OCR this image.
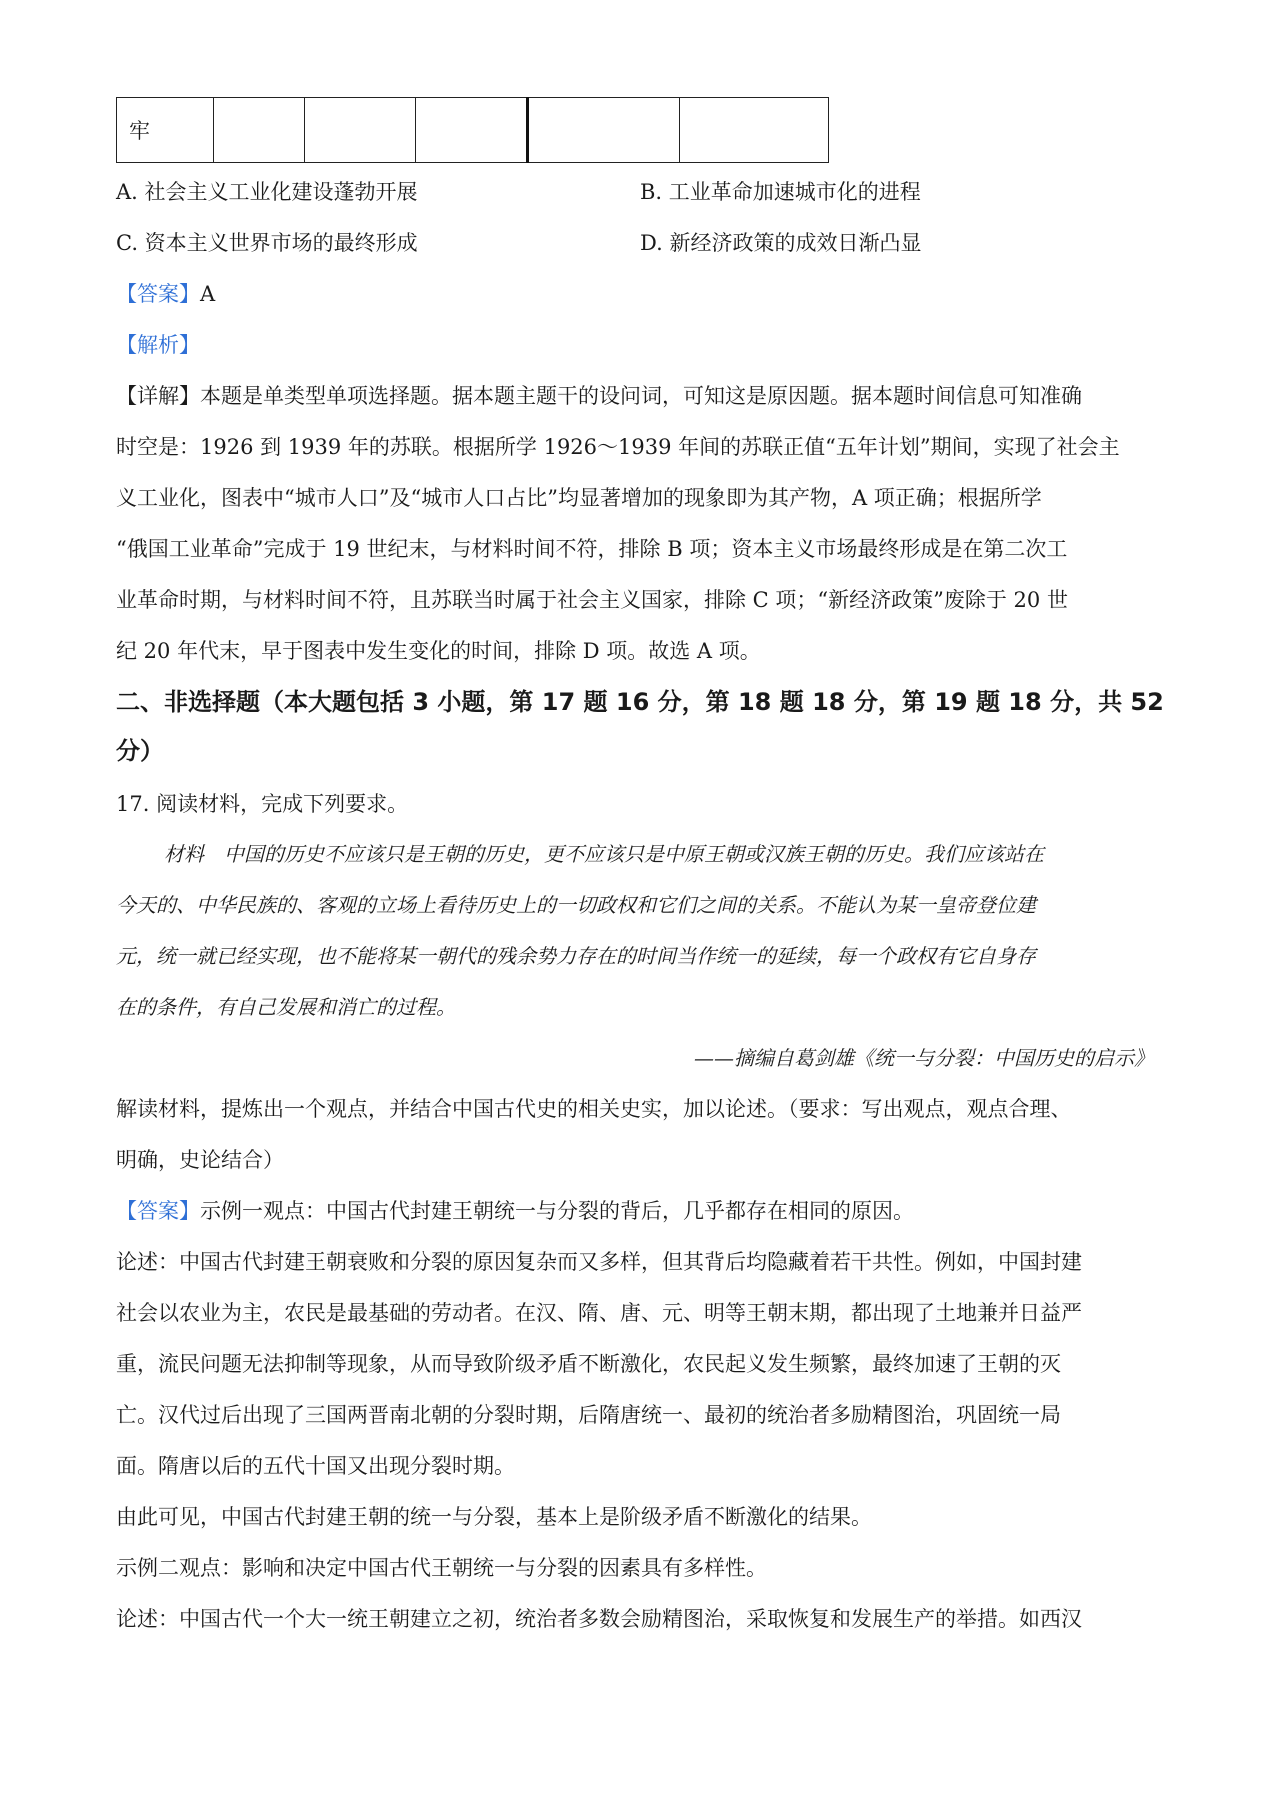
牢					
A. 社会主义工业化建设蓬勃开展	B. 工业革命加速城市化的进程
C. 资本主义世界市场的最终形成	D. 新经济政策的成效日渐凸显
【答案】A
【解析】
【详解】本题是单类型单项选择题。据本题主题干的设问词，可知这是原因题。据本题时间信息可知准确
时空是：1926 到 1939 年的苏联。根据所学 1926～1939 年间的苏联正值“五年计划”期间，实现了社会主
义工业化，图表中“城市人口”及“城市人口占比”均显著增加的现象即为其产物，A 项正确；根据所学
“俄国工业革命”完成于 19 世纪末，与材料时间不符，排除 B 项；资本主义市场最终形成是在第二次工
业革命时期，与材料时间不符，且苏联当时属于社会主义国家，排除 C 项；“新经济政策”废除于 20 世
纪 20 年代末，早于图表中发生变化的时间，排除 D 项。故选 A 项。
二、非选择题（本大题包括 3 小题，第 17 题 16 分，第 18 题 18 分，第 19 题 18 分，共 52
分）
17. 阅读材料，完成下列要求。
材料　中国的历史不应该只是王朝的历史，更不应该只是中原王朝或汉族王朝的历史。我们应该站在
今天的、中华民族的、客观的立场上看待历史上的一切政权和它们之间的关系。不能认为某一皇帝登位建
元，统一就已经实现，也不能将某一朝代的残余势力存在的时间当作统一的延续，每一个政权有它自身存
在的条件，有自己发展和消亡的过程。
——摘编自葛剑雄《统一与分裂：中国历史的启示》
解读材料，提炼出一个观点，并结合中国古代史的相关史实，加以论述。（要求：写出观点，观点合理、
明确，史论结合）
【答案】示例一观点：中国古代封建王朝统一与分裂的背后，几乎都存在相同的原因。
论述：中国古代封建王朝衰败和分裂的原因复杂而又多样，但其背后均隐藏着若干共性。例如，中国封建
社会以农业为主，农民是最基础的劳动者。在汉、隋、唐、元、明等王朝末期，都出现了土地兼并日益严
重，流民问题无法抑制等现象，从而导致阶级矛盾不断激化，农民起义发生频繁，最终加速了王朝的灭
亡。汉代过后出现了三国两晋南北朝的分裂时期，后隋唐统一、最初的统治者多励精图治，巩固统一局
面。隋唐以后的五代十国又出现分裂时期。
由此可见，中国古代封建王朝的统一与分裂，基本上是阶级矛盾不断激化的结果。
示例二观点：影响和决定中国古代王朝统一与分裂的因素具有多样性。
论述：中国古代一个大一统王朝建立之初，统治者多数会励精图治，采取恢复和发展生产的举措。如西汉
